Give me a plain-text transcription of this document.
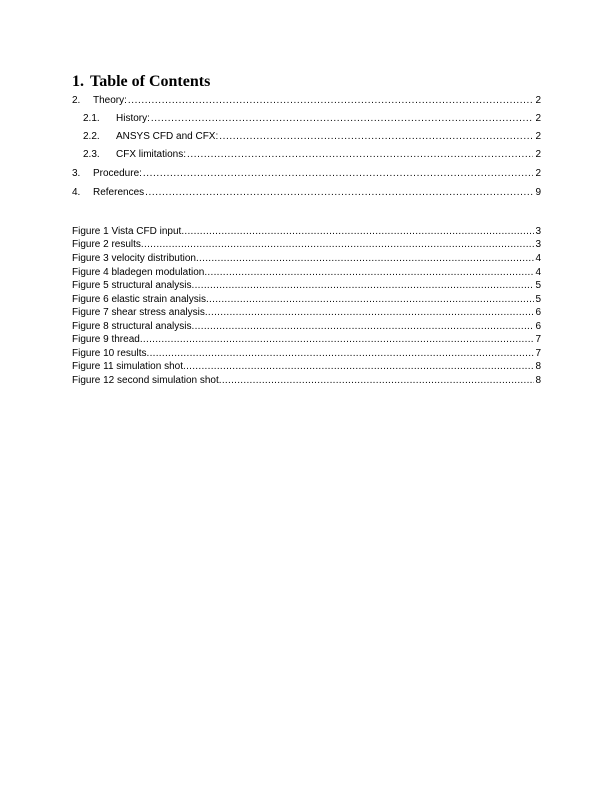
1. Table of Contents
2.	Theory: .....	2
2.1.	History: .....	2
2.2.	ANSYS CFD and CFX: .....	2
2.3.	CFX limitations: .....	2
3.	Procedure: .....	2
4.	References .....	9
Figure 1 Vista CFD input .....	3
Figure 2 results .....	3
Figure 3 velocity distribution .....	4
Figure 4 bladegen modulation .....	4
Figure 5 structural analysis .....	5
Figure 6 elastic strain analysis .....	5
Figure 7 shear stress analysis .....	6
Figure 8 structural analysis .....	6
Figure 9 thread .....	7
Figure 10 results .....	7
Figure 11 simulation shot .....	8
Figure 12 second simulation shot .....	8
